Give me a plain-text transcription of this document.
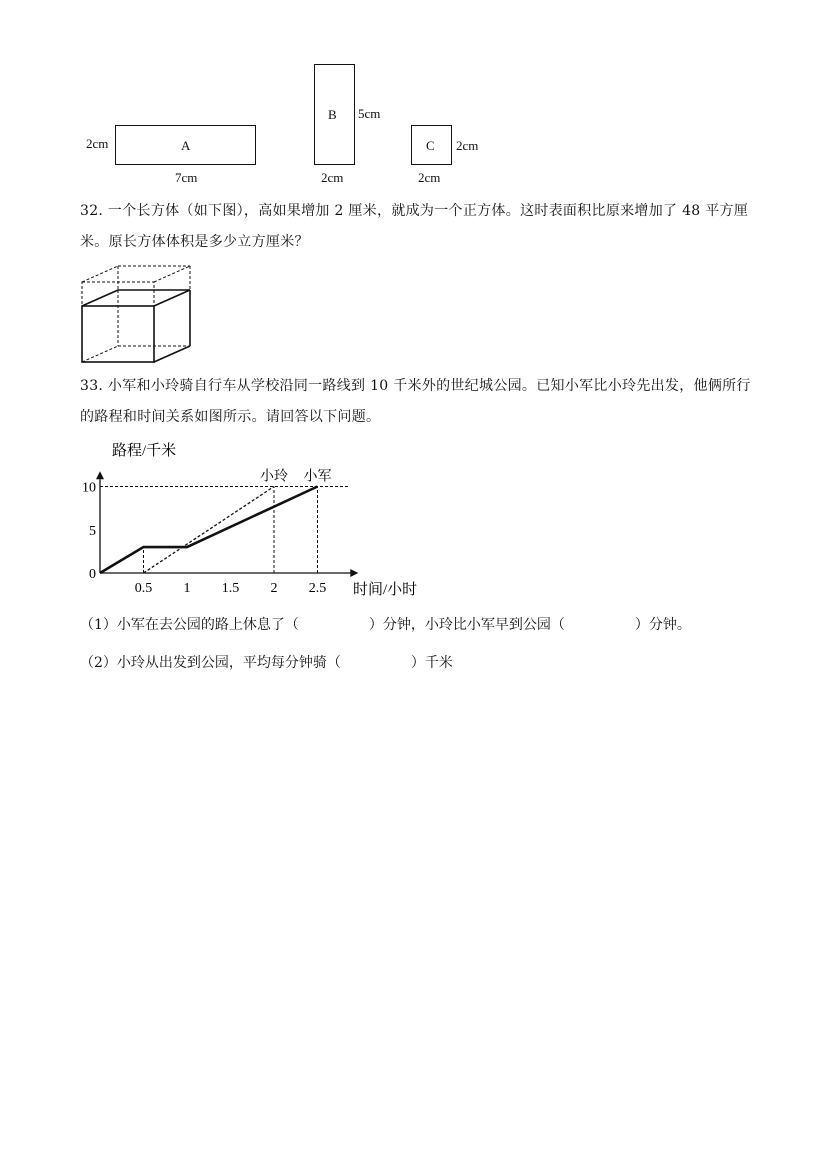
A
2cm
7cm
B 5cm
2cm
C 2cm
2cm
32. 一个长方体（如下图），高如果增加 2 厘米，就成为一个正方体。这时表面积比原来增加了 48 平方厘米。原长方体体积是多少立方厘米？
33. 小军和小玲骑自行车从学校沿同一路线到 10 千米外的世纪城公园。已知小军比小玲先出发，他俩所行的路程和时间关系如图所示。请回答以下问题。
0.5 1 1.5 2 2.5
0
5
10
小军
小玲
路程/千米
时间/小时
（1）小军在去公园的路上休息了（　　　　　）分钟，小玲比小军早到公园（　　　　　）分钟。
（2）小玲从出发到公园，平均每分钟骑（　　　　　）千米
